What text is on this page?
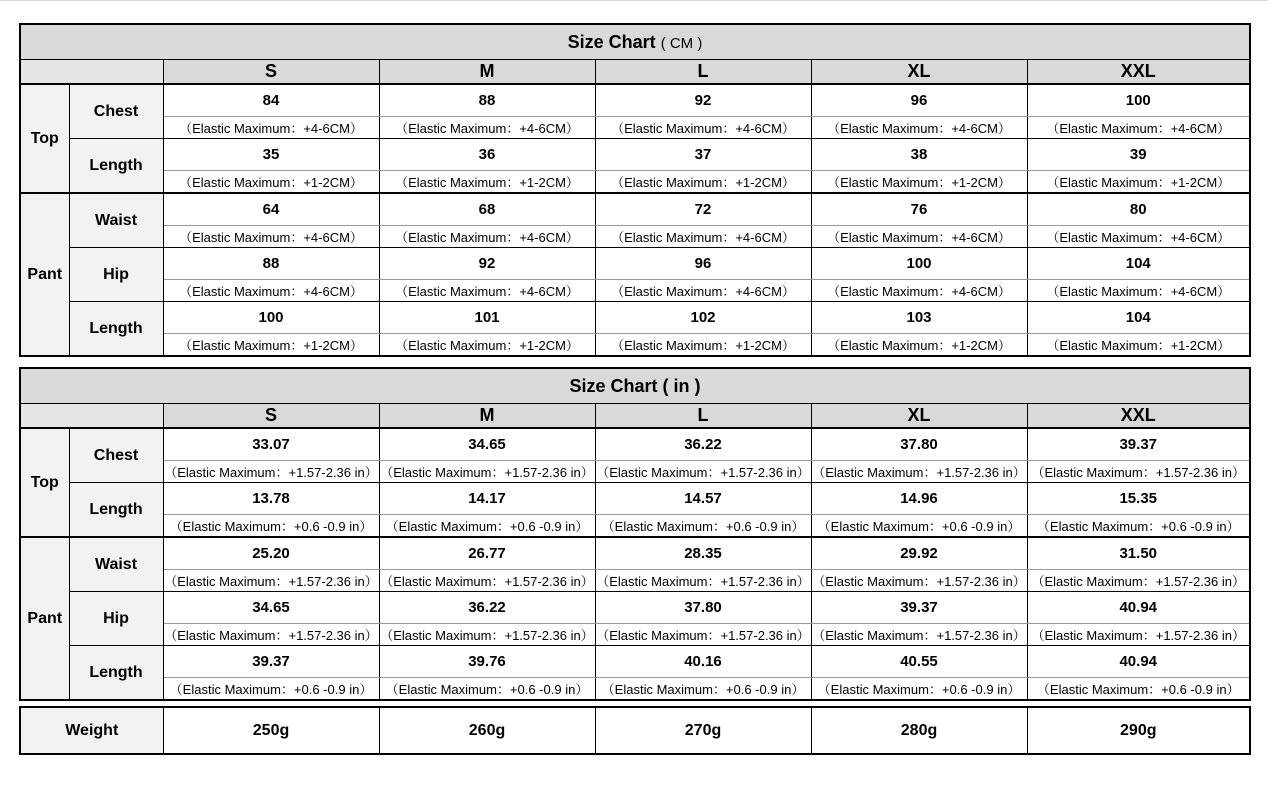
Size Chart ( CM )						
		S	M	L	XL	XXL
Top	Chest	84	88	92	96	100
		（Elastic Maximum：+4-6CM）	（Elastic Maximum：+4-6CM）	（Elastic Maximum：+4-6CM）	（Elastic Maximum：+4-6CM）	（Elastic Maximum：+4-6CM）
	Length	35	36	37	38	39
		（Elastic Maximum：+1-2CM）	（Elastic Maximum：+1-2CM）	（Elastic Maximum：+1-2CM）	（Elastic Maximum：+1-2CM）	（Elastic Maximum：+1-2CM）
Pant	Waist	64	68	72	76	80
		（Elastic Maximum：+4-6CM）	（Elastic Maximum：+4-6CM）	（Elastic Maximum：+4-6CM）	（Elastic Maximum：+4-6CM）	（Elastic Maximum：+4-6CM）
	Hip	88	92	96	100	104
		（Elastic Maximum：+4-6CM）	（Elastic Maximum：+4-6CM）	（Elastic Maximum：+4-6CM）	（Elastic Maximum：+4-6CM）	（Elastic Maximum：+4-6CM）
	Length	100	101	102	103	104
		（Elastic Maximum：+1-2CM）	（Elastic Maximum：+1-2CM）	（Elastic Maximum：+1-2CM）	（Elastic Maximum：+1-2CM）	（Elastic Maximum：+1-2CM）
Size Chart ( in )						
		S	M	L	XL	XXL
Top	Chest	33.07	34.65	36.22	37.80	39.37
		（Elastic Maximum：+1.57-2.36 in）	（Elastic Maximum：+1.57-2.36 in）	（Elastic Maximum：+1.57-2.36 in）	（Elastic Maximum：+1.57-2.36 in）	（Elastic Maximum：+1.57-2.36 in）
	Length	13.78	14.17	14.57	14.96	15.35
		（Elastic Maximum：+0.6 -0.9 in）	（Elastic Maximum：+0.6 -0.9 in）	（Elastic Maximum：+0.6 -0.9 in）	（Elastic Maximum：+0.6 -0.9 in）	（Elastic Maximum：+0.6 -0.9 in）
Pant	Waist	25.20	26.77	28.35	29.92	31.50
		（Elastic Maximum：+1.57-2.36 in）	（Elastic Maximum：+1.57-2.36 in）	（Elastic Maximum：+1.57-2.36 in）	（Elastic Maximum：+1.57-2.36 in）	（Elastic Maximum：+1.57-2.36 in）
	Hip	34.65	36.22	37.80	39.37	40.94
		（Elastic Maximum：+1.57-2.36 in）	（Elastic Maximum：+1.57-2.36 in）	（Elastic Maximum：+1.57-2.36 in）	（Elastic Maximum：+1.57-2.36 in）	（Elastic Maximum：+1.57-2.36 in）
	Length	39.37	39.76	40.16	40.55	40.94
		（Elastic Maximum：+0.6 -0.9 in）	（Elastic Maximum：+0.6 -0.9 in）	（Elastic Maximum：+0.6 -0.9 in）	（Elastic Maximum：+0.6 -0.9 in）	（Elastic Maximum：+0.6 -0.9 in）
Weight	250g	260g	270g	280g	290g
